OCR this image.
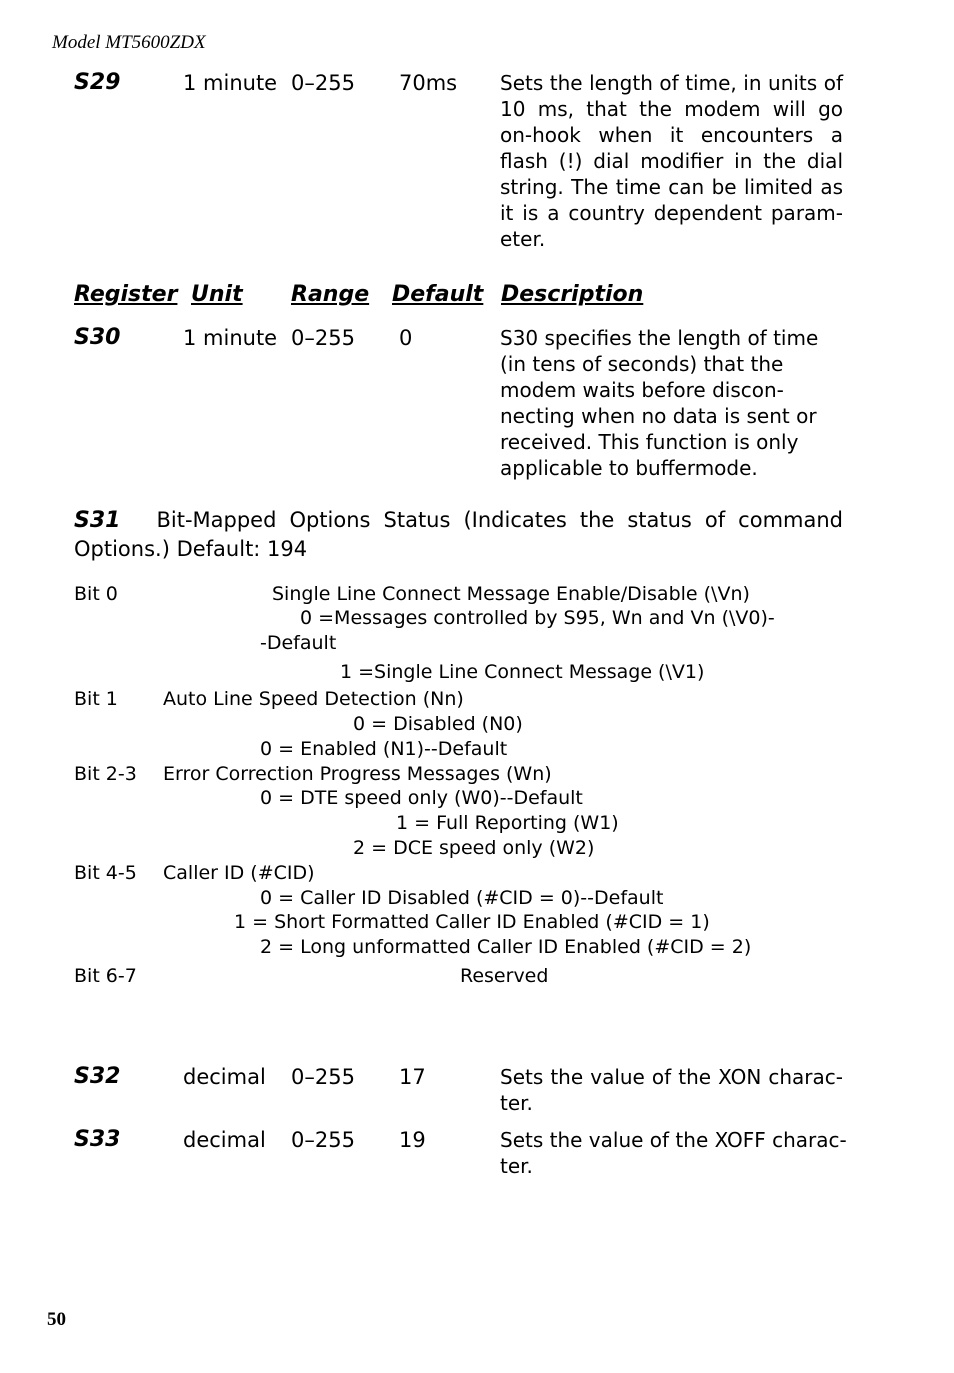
Model MT5600ZDX
S29	1 minute 0–255 70ms Sets the length of time, in units of
10 ms, that the modem will go
on-hook when it encounters a
flash (!) dial modifier in the dial
string. The time can be limited as
it is a country dependent param-
eter.
Register Unit Range Default Description
S30	1 minute 0–255 0	S30 specifies the length of time
(in tens of seconds) that the
modem waits before discon-
necting when no data is sent or
received. This function is only
applicable to buffermode.
S31 Bit-Mapped Options Status (Indicates the status of command
Options.) Default: 194
Bit 0	Single Line Connect Message Enable/Disable (\Vn)
0 =Messages controlled by S95, Wn and Vn (\V0)-
-Default
1 =Single Line Connect Message (\V1)
Bit 1 Auto Line Speed Detection (Nn)
0 = Disabled (N0)
0 = Enabled (N1)--Default
Bit 2-3 Error Correction Progress Messages (Wn)
0 = DTE speed only (W0)--Default
1 = Full Reporting (W1)
2 = DCE speed only (W2)
Bit 4-5 Caller ID (#CID)
0 = Caller ID Disabled (#CID = 0)--Default
1 = Short Formatted Caller ID Enabled (#CID = 1)
2 = Long unformatted Caller ID Enabled (#CID = 2)
Bit 6-7	Reserved
S32	decimal 0–255 17	Sets the value of the XON charac-
ter.
S33	decimal 0–255 19	Sets the value of the XOFF charac-
ter.
50
